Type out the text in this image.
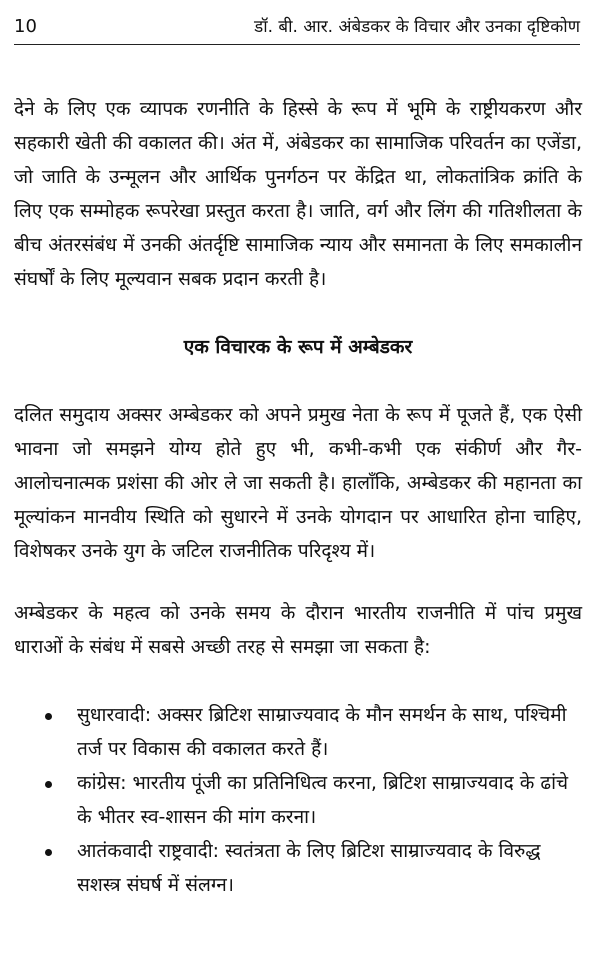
10	डॉ. बी. आर. अंबेडकर के विचार और उनका दृष्टिकोण

देने के लिए एक व्यापक रणनीति के हिस्से के रूप में भूमि के राष्ट्रीयकरण और सहकारी खेती की वकालत की। अंत में, अंबेडकर का सामाजिक परिवर्तन का एजेंडा, जो जाति के उन्मूलन और आर्थिक पुनर्गठन पर केंद्रित था, लोकतांत्रिक क्रांति के लिए एक सम्मोहक रूपरेखा प्रस्तुत करता है। जाति, वर्ग और लिंग की गतिशीलता के बीच अंतरसंबंध में उनकी अंतर्दृष्टि सामाजिक न्याय और समानता के लिए समकालीन संघर्षों के लिए मूल्यवान सबक प्रदान करती है।

एक विचारक के रूप में अम्बेडकर

दलित समुदाय अक्सर अम्बेडकर को अपने प्रमुख नेता के रूप में पूजते हैं, एक ऐसी भावना जो समझने योग्य होते हुए भी, कभी-कभी एक संकीर्ण और गैर-आलोचनात्मक प्रशंसा की ओर ले जा सकती है। हालाँकि, अम्बेडकर की महानता का मूल्यांकन मानवीय स्थिति को सुधारने में उनके योगदान पर आधारित होना चाहिए, विशेषकर उनके युग के जटिल राजनीतिक परिदृश्य में।

अम्बेडकर के महत्व को उनके समय के दौरान भारतीय राजनीति में पांच प्रमुख धाराओं के संबंध में सबसे अच्छी तरह से समझा जा सकता है:

सुधारवादी: अक्सर ब्रिटिश साम्राज्यवाद के मौन समर्थन के साथ, पश्चिमी तर्ज पर विकास की वकालत करते हैं।
कांग्रेस: भारतीय पूंजी का प्रतिनिधित्व करना, ब्रिटिश साम्राज्यवाद के ढांचे के भीतर स्व-शासन की मांग करना।
आतंकवादी राष्ट्रवादी: स्वतंत्रता के लिए ब्रिटिश साम्राज्यवाद के विरुद्ध सशस्त्र संघर्ष में संलग्न।
